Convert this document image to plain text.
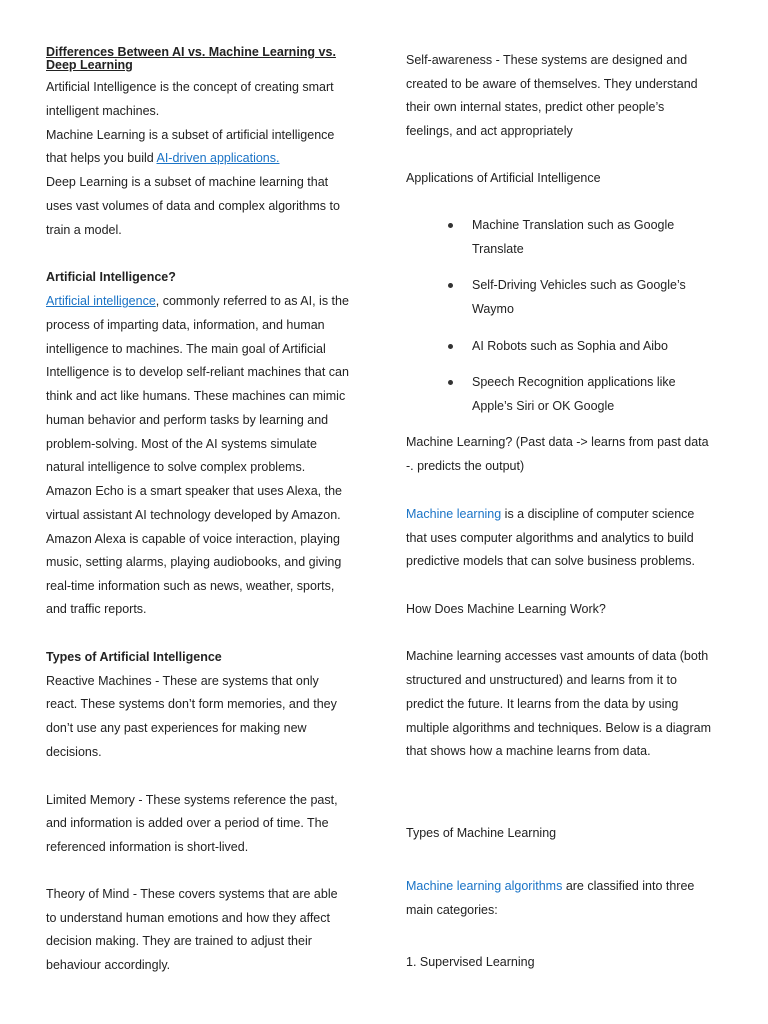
Differences Between AI vs. Machine Learning vs.
Deep Learning

Artificial Intelligence is the concept of creating smart

intelligent machines.

Machine Learning is a subset of artificial intelligence

that helps you build AI-driven applications.

Deep Learning is a subset of machine learning that

uses vast volumes of data and complex algorithms to

train a model.

Artificial Intelligence?

Artificial intelligence, commonly referred to as AI, is the

process of imparting data, information, and human

intelligence to machines. The main goal of Artificial

Intelligence is to develop self-reliant machines that can

think and act like humans. These machines can mimic

human behavior and perform tasks by learning and

problem-solving. Most of the AI systems simulate

natural intelligence to solve complex problems.

Amazon Echo is a smart speaker that uses Alexa, the

virtual assistant AI technology developed by Amazon.

Amazon Alexa is capable of voice interaction, playing

music, setting alarms, playing audiobooks, and giving

real-time information such as news, weather, sports,

and traffic reports.

Types of Artificial Intelligence

Reactive Machines - These are systems that only

react. These systems don’t form memories, and they

don’t use any past experiences for making new

decisions.

Limited Memory - These systems reference the past,

and information is added over a period of time. The

referenced information is short-lived.

Theory of Mind - These covers systems that are able

to understand human emotions and how they affect

decision making. They are trained to adjust their

behaviour accordingly.

Self-awareness - These systems are designed and

created to be aware of themselves. They understand

their own internal states, predict other people’s

feelings, and act appropriately

Applications of Artificial Intelligence

Machine Translation such as Google
Translate
Self-Driving Vehicles such as Google’s
Waymo
AI Robots such as Sophia and Aibo
Speech Recognition applications like
Apple’s Siri or OK Google

Machine Learning? (Past data -> learns from past data

-. predicts the output)

Machine learning is a discipline of computer science

that uses computer algorithms and analytics to build

predictive models that can solve business problems.

How Does Machine Learning Work?

Machine learning accesses vast amounts of data (both

structured and unstructured) and learns from it to

predict the future. It learns from the data by using

multiple algorithms and techniques. Below is a diagram

that shows how a machine learns from data.

Types of Machine Learning

Machine learning algorithms are classified into three

main categories:

1. Supervised Learning
